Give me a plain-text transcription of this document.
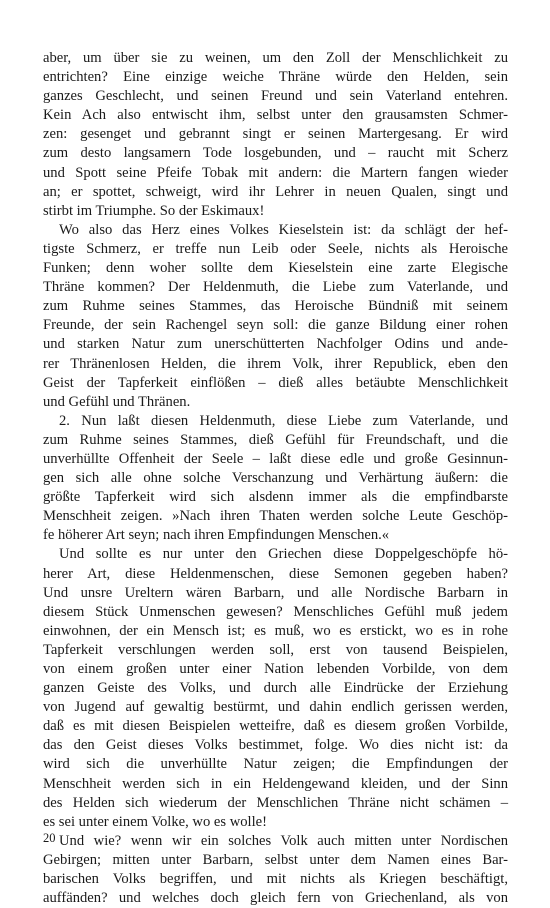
aber, um über sie zu weinen, um den Zoll der Menschlichkeit zu
entrichten? Eine einzige weiche Thräne würde den Helden, sein
ganzes Geschlecht, und seinen Freund und sein Vaterland entehren.
Kein Ach also entwischt ihm, selbst unter den grausamsten Schmer-
zen: gesenget und gebrannt singt er seinen Martergesang. Er wird
zum desto langsamern Tode losgebunden, und – raucht mit Scherz
und Spott seine Pfeife Tobak mit andern: die Martern fangen wieder
an; er spottet, schweigt, wird ihr Lehrer in neuen Qualen, singt und
stirbt im Triumphe. So der Eskimaux!
Wo also das Herz eines Volkes Kieselstein ist: da schlägt der hef-
tigste Schmerz, er treffe nun Leib oder Seele, nichts als Heroische
Funken; denn woher sollte dem Kieselstein eine zarte Elegische
Thräne kommen? Der Heldenmuth, die Liebe zum Vaterlande, und
zum Ruhme seines Stammes, das Heroische Bündniß mit seinem
Freunde, der sein Rachengel seyn soll: die ganze Bildung einer rohen
und starken Natur zum unerschütterten Nachfolger Odins und ande-
rer Thränenlosen Helden, die ihrem Volk, ihrer Republick, eben den
Geist der Tapferkeit einflößen – dieß alles betäubte Menschlichkeit
und Gefühl und Thränen.
2. Nun laßt diesen Heldenmuth, diese Liebe zum Vaterlande, und
zum Ruhme seines Stammes, dieß Gefühl für Freundschaft, und die
unverhüllte Offenheit der Seele – laßt diese edle und große Gesinnun-
gen sich alle ohne solche Verschanzung und Verhärtung äußern: die
größte Tapferkeit wird sich alsdenn immer als die empfindbarste
Menschheit zeigen. »Nach ihren Thaten werden solche Leute Geschöp-
fe höherer Art seyn; nach ihren Empfindungen Menschen.«
Und sollte es nur unter den Griechen diese Doppelgeschöpfe hö-
herer Art, diese Heldenmenschen, diese Semonen gegeben haben?
Und unsre Ureltern wären Barbarn, und alle Nordische Barbarn in
diesem Stück Unmenschen gewesen? Menschliches Gefühl muß jedem
einwohnen, der ein Mensch ist; es muß, wo es erstickt, wo es in rohe
Tapferkeit verschlungen werden soll, erst von tausend Beispielen,
von einem großen unter einer Nation lebenden Vorbilde, von dem
ganzen Geiste des Volks, und durch alle Eindrücke der Erziehung
von Jugend auf gewaltig bestürmt, und dahin endlich gerissen werden,
daß es mit diesen Beispielen wetteifre, daß es diesem großen Vorbilde,
das den Geist dieses Volks bestimmet, folge. Wo dies nicht ist: da
wird sich die unverhüllte Natur zeigen; die Empfindungen der
Menschheit werden sich in ein Heldengewand kleiden, und der Sinn
des Helden sich wiederum der Menschlichen Thräne nicht schämen –
es sei unter einem Volke, wo es wolle!
Und wie? wenn wir ein solches Volk auch mitten unter Nordischen
Gebirgen; mitten unter Barbarn, selbst unter dem Namen eines Bar-
barischen Volks begriffen, und mit nichts als Kriegen beschäftigt,
auffänden? und welches doch gleich fern von Griechenland, als von
20
